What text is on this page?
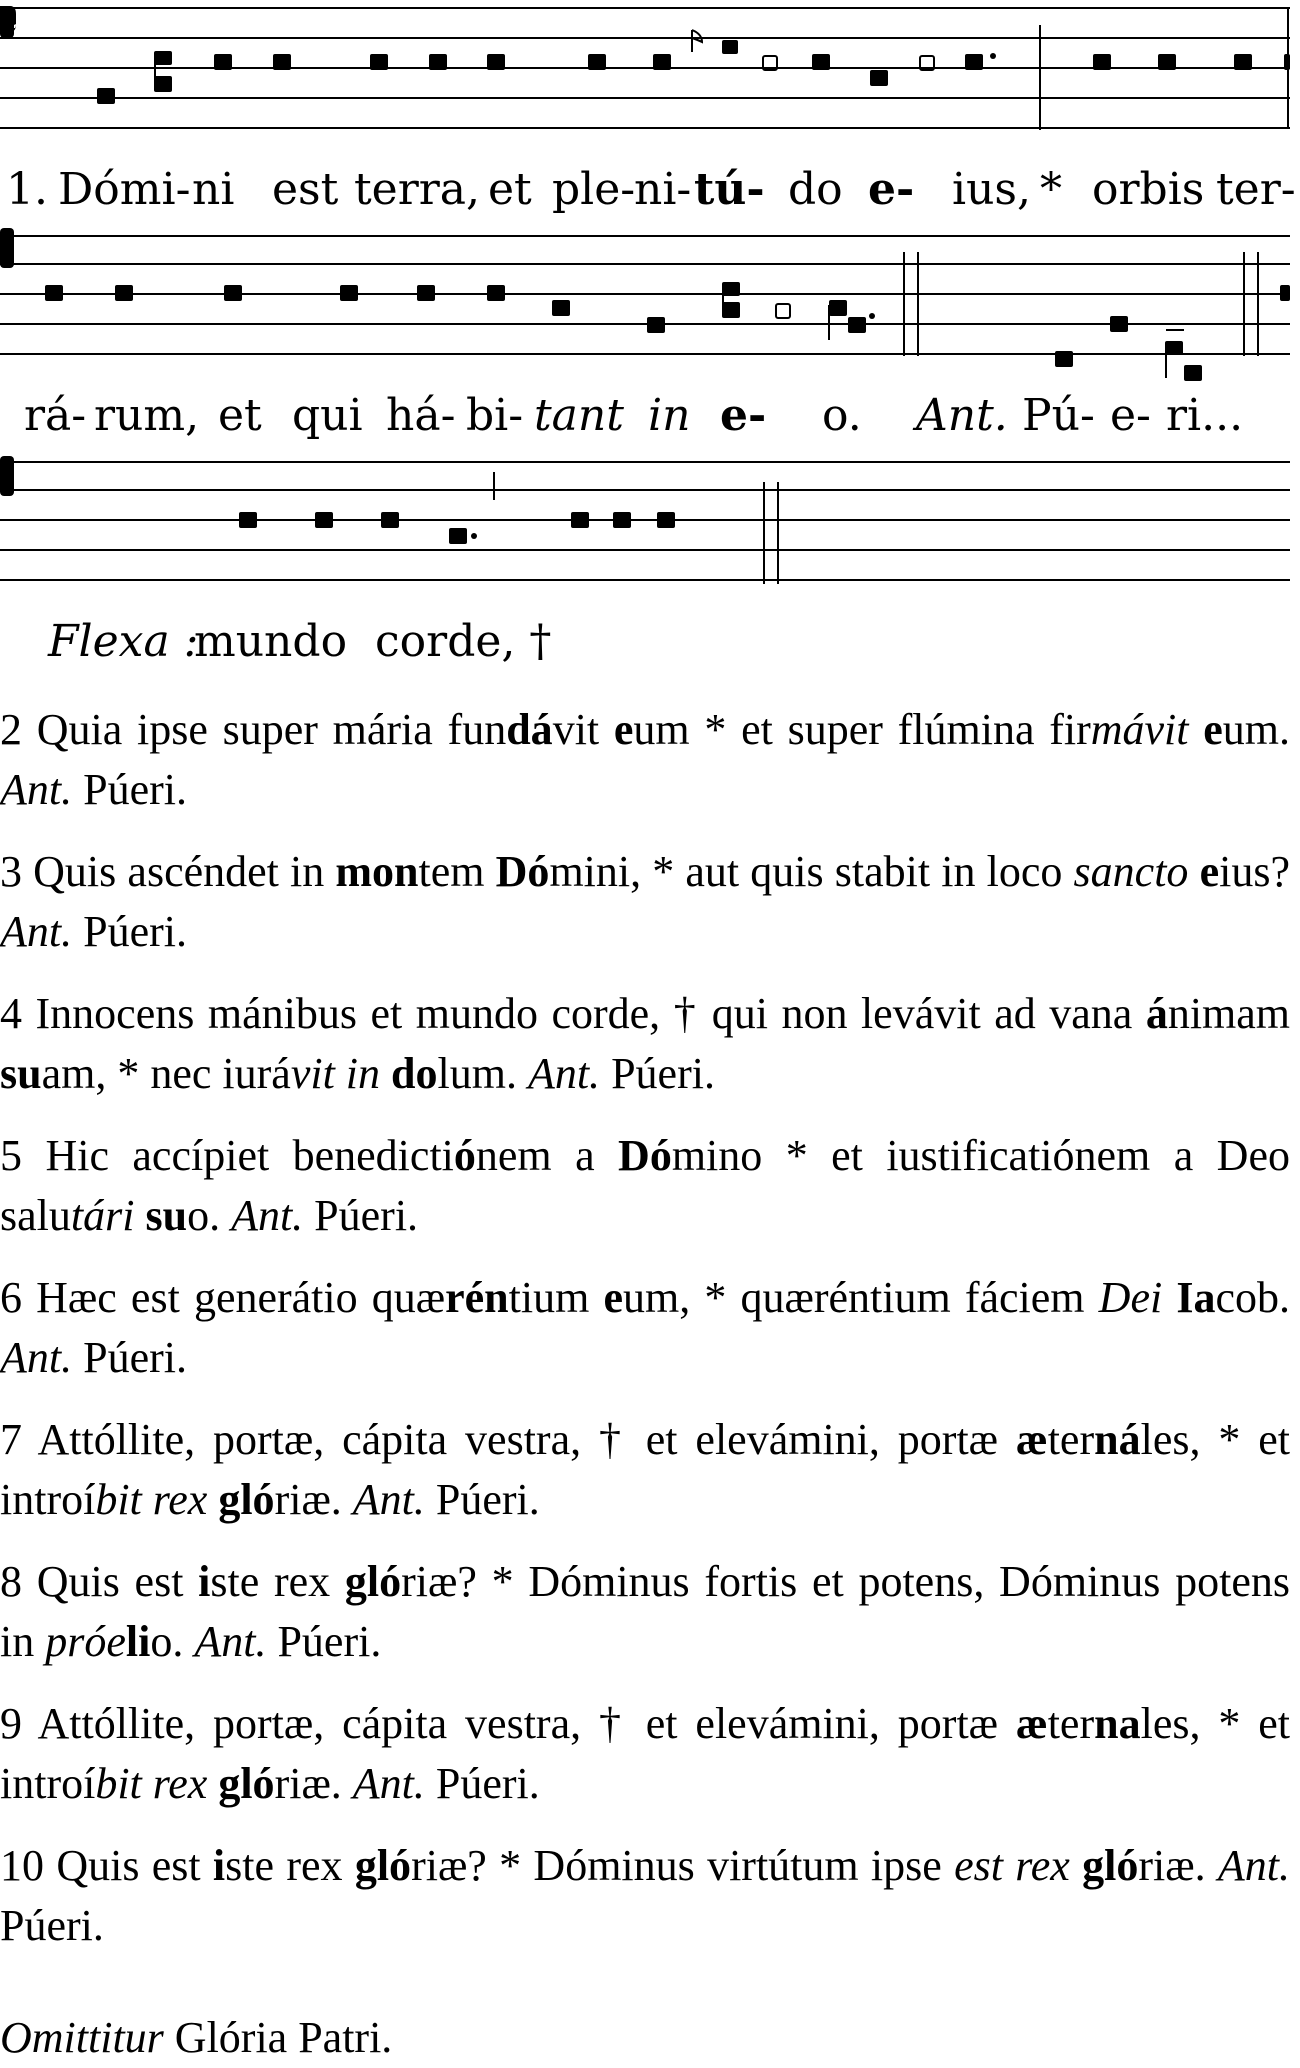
1. Dómi- ni est terra, et ple-
ni- tú- do e- ius, * orbis ter-
rá- rum, et qui há- bi- tant in e- o. Ant. Pú- e- ri...
Flexa :
mundo  corde, †

2 Quia ipse super mária fundávit eum * et super flúmina firmávit eum. Ant. Púeri.

3 Quis ascéndet in montem Dómini, * aut quis stabit in loco sancto eius? Ant. Púeri.

4 Innocens mánibus et mundo corde, † qui non levávit ad vana ánimam suam, * nec iurávit in dolum. Ant. Púeri.

5 Hic accípiet benedictiónem a Dómino * et iustificatiónem a Deo salutári suo. Ant. Púeri.

6 Hæc est generátio quæréntium eum, * quæréntium fáciem Dei Iacob. Ant. Púeri.

7 Attóllite, portæ, cápita vestra, † et elevámini, portæ æternáles, * et introíbit rex glóriæ. Ant. Púeri.

8 Quis est iste rex glóriæ? * Dóminus fortis et potens, Dóminus potens in próelio. Ant. Púeri.

9 Attóllite, portæ, cápita vestra, † et elevámini, portæ æternales, * et introíbit rex glóriæ. Ant. Púeri.

10 Quis est iste rex glóriæ? * Dóminus virtútum ipse est rex glóriæ. Ant. Púeri.

Omittitur Glória Patri.
